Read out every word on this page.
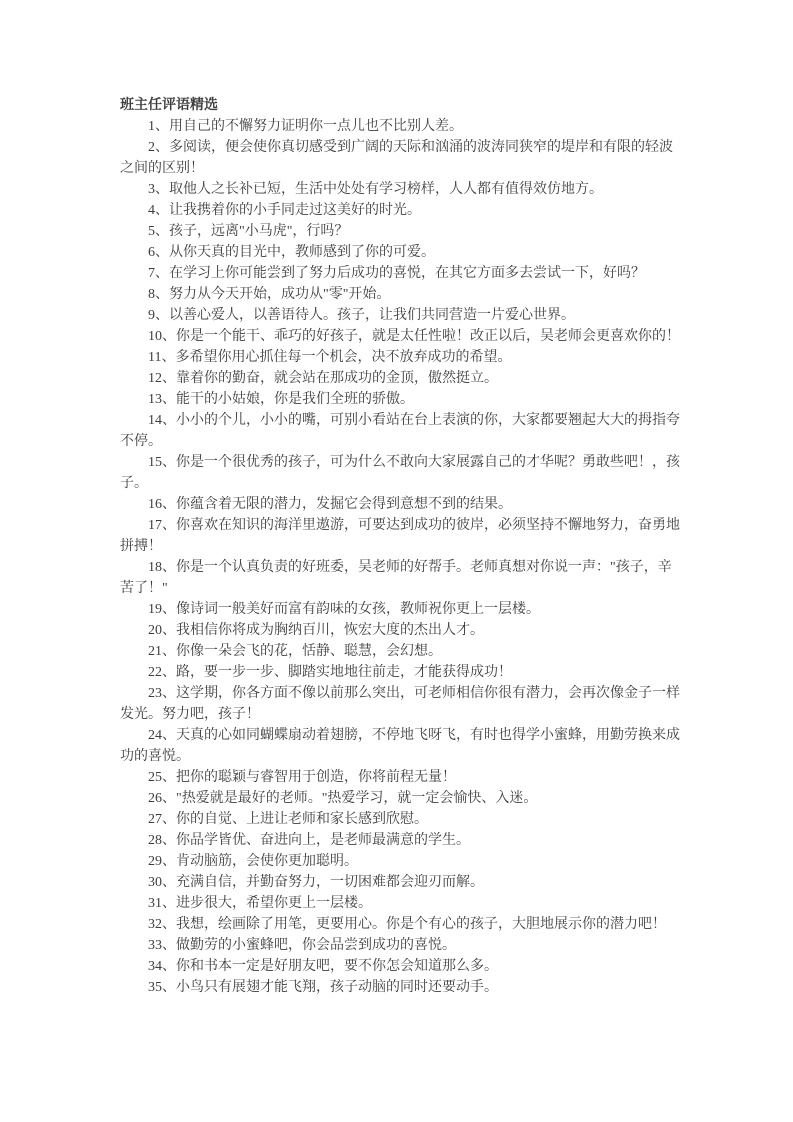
班主任评语精选

1、用自己的不懈努力证明你一点儿也不比别人差。

2、多阅读，便会使你真切感受到广阔的天际和汹涌的波涛同狭窄的堤岸和有限的轻波之间的区别！

3、取他人之长补已短，生活中处处有学习榜样，人人都有值得效仿地方。

4、让我携着你的小手同走过这美好的时光。

5、孩子，远离"小马虎"，行吗？

6、从你天真的目光中，教师感到了你的可爱。

7、在学习上你可能尝到了努力后成功的喜悦，在其它方面多去尝试一下，好吗？

8、努力从今天开始，成功从"零"开始。

9、以善心爱人，以善语待人。孩子，让我们共同营造一片爱心世界。

10、你是一个能干、乖巧的好孩子，就是太任性啦！改正以后，吴老师会更喜欢你的！

11、多希望你用心抓住每一个机会，决不放弃成功的希望。

12、靠着你的勤奋，就会站在那成功的金顶，傲然挺立。

13、能干的小姑娘，你是我们全班的骄傲。

14、小小的个儿，小小的嘴，可别小看站在台上表演的你，大家都要翘起大大的拇指夸不停。

15、你是一个很优秀的孩子，可为什么不敢向大家展露自己的才华呢？勇敢些吧！，孩子。

16、你蕴含着无限的潜力，发掘它会得到意想不到的结果。

17、你喜欢在知识的海洋里遨游，可要达到成功的彼岸，必须坚持不懈地努力，奋勇地拼搏！

18、你是一个认真负责的好班委，吴老师的好帮手。老师真想对你说一声："孩子，辛苦了！"

19、像诗词一般美好而富有韵味的女孩，教师祝你更上一层楼。

20、我相信你将成为胸纳百川，恢宏大度的杰出人才。

21、你像一朵会飞的花，恬静、聪慧，会幻想。

22、路，要一步一步、脚踏实地地往前走，才能获得成功！

23、这学期，你各方面不像以前那么突出，可老师相信你很有潜力，会再次像金子一样发光。努力吧，孩子！

24、天真的心如同蝴蝶扇动着翅膀，不停地飞呀飞，有时也得学小蜜蜂，用勤劳换来成功的喜悦。

25、把你的聪颖与睿智用于创造，你将前程无量！

26、"热爱就是最好的老师。"热爱学习，就一定会愉快、入迷。

27、你的自觉、上进让老师和家长感到欣慰。

28、你品学皆优、奋进向上，是老师最满意的学生。

29、肯动脑筋，会使你更加聪明。

30、充满自信，并勤奋努力，一切困难都会迎刃而解。

31、进步很大，希望你更上一层楼。

32、我想，绘画除了用笔，更要用心。你是个有心的孩子，大胆地展示你的潜力吧！

33、做勤劳的小蜜蜂吧，你会品尝到成功的喜悦。

34、你和书本一定是好朋友吧，要不你怎会知道那么多。

35、小鸟只有展翅才能飞翔，孩子动脑的同时还要动手。
